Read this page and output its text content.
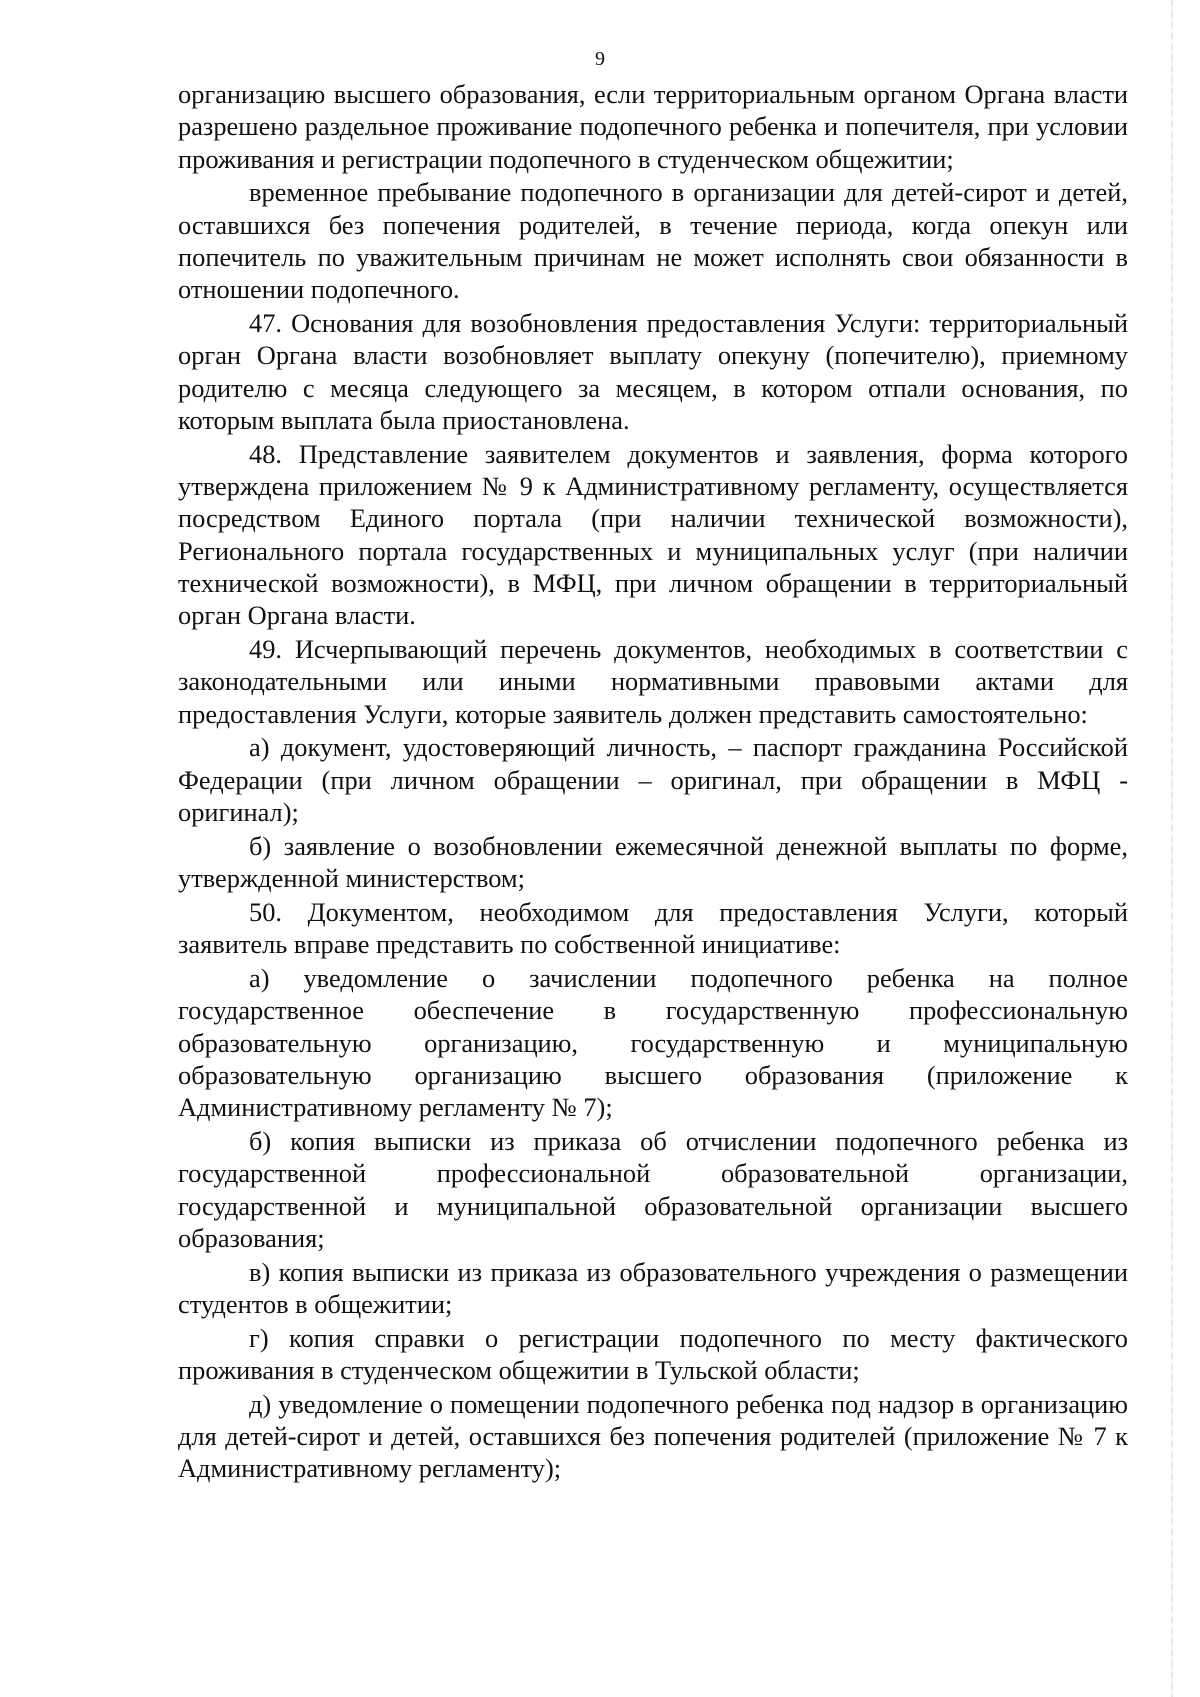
9

организацию высшего образования, если территориальным органом Органа власти разрешено раздельное проживание подопечного ребенка и попечителя, при условии проживания и регистрации подопечного в студенческом общежитии;

временное пребывание подопечного в организации для детей-сирот и детей, оставшихся без попечения родителей, в течение периода, когда опекун или попечитель по уважительным причинам не может исполнять свои обязанности в отношении подопечного.

47. Основания для возобновления предоставления Услуги: территориальный орган Органа власти возобновляет выплату опекуну (попечителю), приемному родителю с месяца следующего за месяцем, в котором отпали основания, по которым выплата была приостановлена.

48. Представление заявителем документов и заявления, форма которого утверждена приложением № 9 к Административному регламенту, осуществляется посредством Единого портала (при наличии технической возможности), Регионального портала государственных и муниципальных услуг (при наличии технической возможности), в МФЦ, при личном обращении в территориальный орган Органа власти.

49. Исчерпывающий перечень документов, необходимых в соответствии с законодательными или иными нормативными правовыми актами для предоставления Услуги, которые заявитель должен представить самостоятельно:

а) документ, удостоверяющий личность, – паспорт гражданина Российской Федерации (при личном обращении – оригинал, при обращении в МФЦ - оригинал);

б) заявление о возобновлении ежемесячной денежной выплаты по форме, утвержденной министерством;

50. Документом, необходимом для предоставления Услуги, который заявитель вправе представить по собственной инициативе:

а) уведомление о зачислении подопечного ребенка на полное государственное обеспечение в государственную профессиональную образовательную организацию, государственную и муниципальную образовательную организацию высшего образования (приложение к Административному регламенту № 7);

б) копия выписки из приказа об отчислении подопечного ребенка из государственной профессиональной образовательной организации, государственной и муниципальной образовательной организации высшего образования;

в) копия выписки из приказа из образовательного учреждения о размещении студентов в общежитии;

г) копия справки о регистрации подопечного по месту фактического проживания в студенческом общежитии в Тульской области;

д) уведомление о помещении подопечного ребенка под надзор в организацию для детей-сирот и детей, оставшихся без попечения родителей (приложение № 7 к Административному регламенту);
